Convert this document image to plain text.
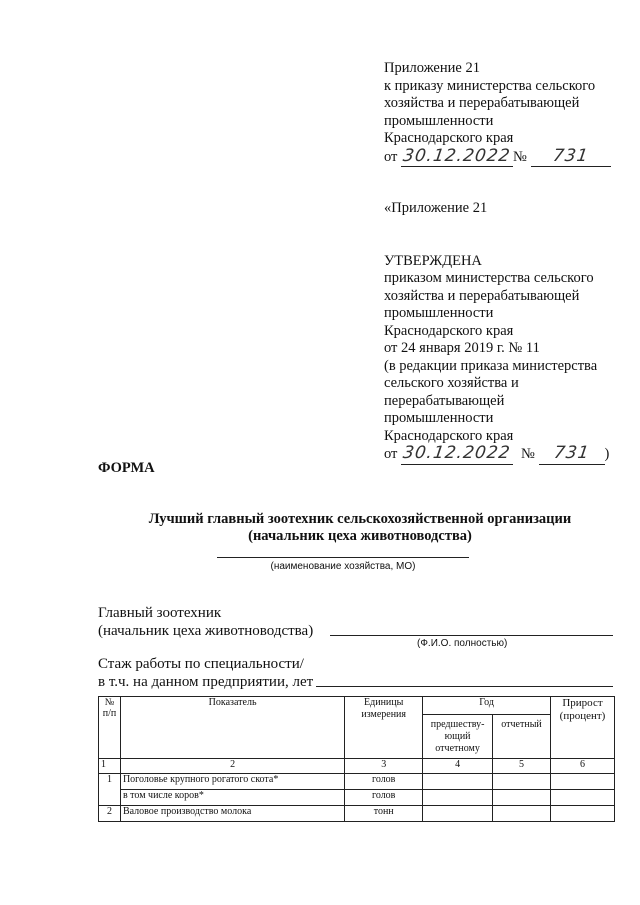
Приложение 21
к приказу министерства сельского
хозяйства и перерабатывающей
промышленности
Краснодарского края
от 30.12.2022№ 731
«Приложение 21
УТВЕРЖДЕНА
приказом министерства сельского
хозяйства и перерабатывающей
промышленности
Краснодарского края
от 24 января 2019 г. № 11
(в редакции приказа министерства
сельского хозяйства и
перерабатывающей
промышленности
Краснодарского края
от 30.12.2022 № 731 )
ФОРМА
Лучший главный зоотехник сельскохозяйственной организации
(начальник цеха животноводства)
(наименование хозяйства, МО)
Главный зоотехник
(начальник цеха животноводства)
(Ф.И.О. полностью)
Стаж работы по специальности/
в т.ч. на данном предприятии, лет
№ п/п	Показатель	Единицы измерения	Год		Прирост (процент)
			предшеству-ющий отчетному	отчетный	
1	2	3	4	5	6
1	Поголовье крупного рогатого скота*	голов			
	в том числе коров*	голов			
2	Валовое производство молока	тонн			
